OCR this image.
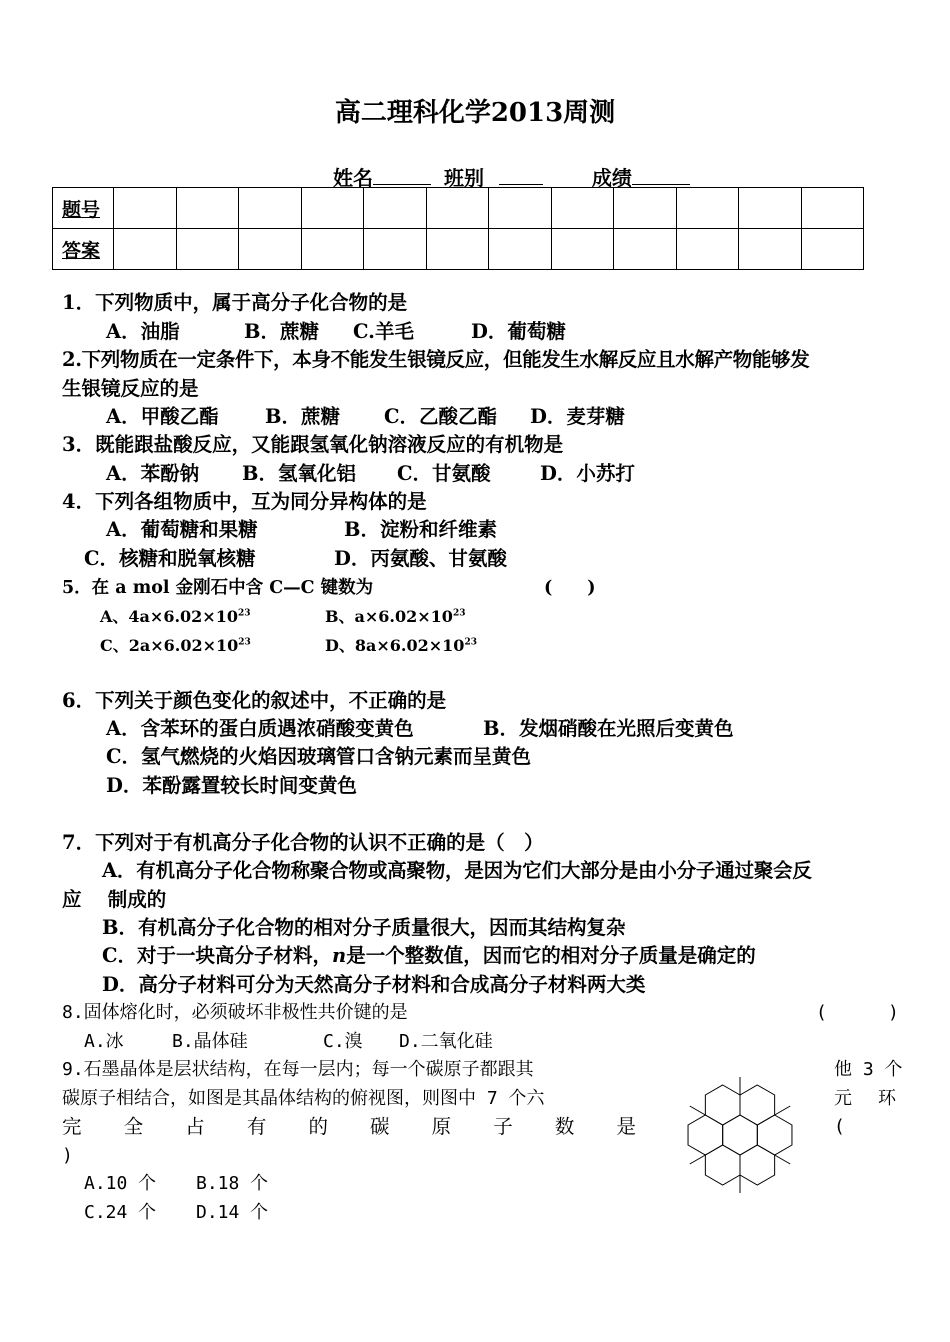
高二理科化学2013周测
姓名	班别	成绩
题号												
答案												
1．下列物质中，属于高分子化合物的是
A．油脂	B．蔗糖 C.羊毛	D．葡萄糖
2.下列物质在一定条件下，本身不能发生银镜反应，但能发生水解反应且水解产物能够发
生银镜反应的是
A．甲酸乙酯 B．蔗糖 C．乙酸乙酯 D．麦芽糖
3．既能跟盐酸反应，又能跟氢氧化钠溶液反应的有机物是
A．苯酚钠 B．氢氧化铝 C．甘氨酸	D．小苏打
4．下列各组物质中，互为同分异构体的是
A．葡萄糖和果糖	B．淀粉和纤维素
C．核糖和脱氧核糖	D．丙氨酸、甘氨酸
5．在 a mol 金刚石中含 C—C 键数为	(　　)
A、$4a\times 6.02\times 10^{23}$	B、$a\times 6.02\times 10^{23}$
C、$2a\times 6.02\times 10^{23}$	D、$8a\times 6.02\times 10^{23}$
6．下列关于颜色变化的叙述中，不正确的是
A．含苯环的蛋白质遇浓硝酸变黄色	B．发烟硝酸在光照后变黄色
C．氢气燃烧的火焰因玻璃管口含钠元素而呈黄色
D．苯酚露置较长时间变黄色
7．下列对于有机高分子化合物的认识不正确的是（　）
A．有机高分子化合物称聚合物或高聚物，是因为它们大部分是由小分子通过聚会反
应　 制成的
B．有机高分子化合物的相对分子质量很大，因而其结构复杂
C．对于一块高分子材料，n是一个整数值，因而它的相对分子质量是确定的
D．高分子材料可分为天然高分子材料和合成高分子材料两大类
8.固体熔化时，必须破坏非极性共价键的是	(	)
A.冰	B.晶体硅	C.溴 D.二氧化硅
9.石墨晶体是层状结构，在每一层内；每一个碳原子都跟其	他 3 个
碳原子相结合，如图是其晶体结构的俯视图，则图中 7 个六	元 环
完 全 占 有 的 碳 原 子 数 是	(
)
A.10 个 B.18 个
C.24 个 D.14 个
